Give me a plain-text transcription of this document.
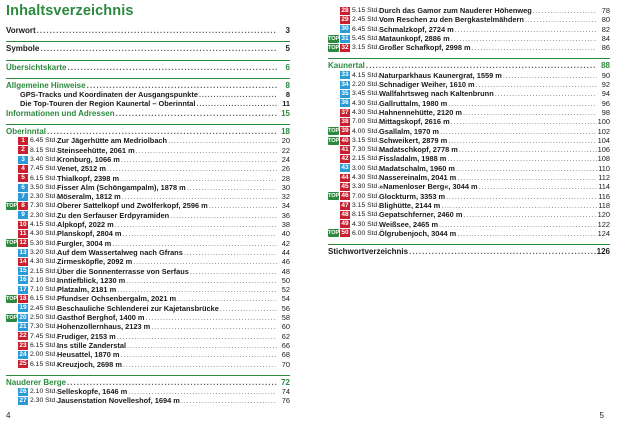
Inhaltsverzeichnis
Vorwort . . .	3
Symbole . . .	5
Übersichtskarte . . .	6
Allgemeine Hinweise . . .	8
GPS-Tracks und Koordinaten der Ausgangspunkte . . .	8
Die Top-Touren der Region Kaunertal – Oberinntal . . .	11
Informationen und Adressen . . .	15
Oberinntal . . .	18
1 6.45 Std. Zur Jägerhütte am Medriolbach . . .	20
2 8.15 Std. Steinseehütte, 2061 m . . .	22
3 3.40 Std. Kronburg, 1066 m . . .	24
4 7.45 Std. Venet, 2512 m . . .	26
5 6.15 Std. Thialkopf, 2398 m . . .	28
6 3.50 Std. Fisser Alm (Schöngampalm), 1878 m . . .	30
7 2.30 Std. Möseralm, 1812 m . . .	32
TOP 8 7.30 Std. Oberer Sattelkopf und Zwölferkopf, 2596 m . . .	34
9 2.30 Std. Zu den Serfauser Erdpyramiden . . .	36
10 4.15 Std. Alpkopf, 2022 m . . .	38
11 4.30 Std. Planskopf, 2804 m . . .	40
TOP 12 5.30 Std. Furgler, 3004 m . . .	42
13 3.20 Std. Auf dem Wassertalweg nach Gfrans . . .	44
14 4.30 Std. Zirmesköpfle, 2092 m . . .	46
15 2.15 Std. Über die Sonnenterrasse von Serfaus . . .	48
16 2.10 Std. Inntiefblick, 1230 m . . .	50
17 7.10 Std. Platzalm, 2181 m . . .	52
TOP 18 6.15 Std. Pfundser Ochsenbergalm, 2021 m . . .	54
19 2.45 Std. Beschauliche Schlenderei zur Kajetansbrücke . . .	56
TOP 20 2.50 Std. Gasthof Berghof, 1400 m . . .	58
21 7.30 Std. Hohenzollernhaus, 2123 m . . .	60
22 7.45 Std. Frudiger, 2153 m . . .	62
23 6.15 Std. Ins stille Zanderstal . . .	66
24 2.00 Std. Heusattel, 1870 m . . .	68
25 6.15 Std. Kreuzjoch, 2698 m . . .	70
Nauderer Berge . . .	72
26 2.10 Std. Selleskopfe, 1646 m . . .	74
27 2.30 Std. Jausenstation Novelleshof, 1694 m . . .	76
4
28 5.15 Std. Durch das Gamor zum Nauderer Höhenweg . . .	78
29 2.45 Std. Vom Reschen zu den Bergkastelmähdern . . .	80
30 6.45 Std. Schmalzkopf, 2724 m . . .	82
TOP 31 5.45 Std. Mataunkopf, 2886 m . . .	84
TOP 32 3.15 Std. Großer Schafkopf, 2998 m . . .	86
Kaunertal . . .	88
33 4.15 Std. Naturparkhaus Kaunergrat, 1559 m . . .	90
34 2.20 Std. Schnadiger Weiher, 1610 m . . .	92
35 3.45 Std. Wallfahrtsweg nach Kaltenbrunn . . .	94
36 4.30 Std. Gallruttalm, 1980 m . . .	96
37 4.30 Std. Hahnennehütte, 2120 m . . .	98
38 7.00 Std. Mittagskopf, 2616 m . . .	100
TOP 39 4.00 Std. Gsallalm, 1970 m . . .	102
TOP 40 3.15 Std. Schweikert, 2879 m . . .	104
41 7.30 Std. Madatschkopf, 2778 m . . .	106
42 2.15 Std. Fissladalm, 1988 m . . .	108
43 3.00 Std. Madatschalm, 1960 m . . .	110
44 4.30 Std. Nassereinalm, 2041 m . . .	112
45 3.30 Std. »Namenloser Berg«, 3044 m . . .	114
TOP 46 7.00 Std. Glockturm, 3353 m . . .	116
47 3.15 Std. Blighütte, 2144 m . . .	118
48 8.15 Std. Gepatschferner, 2460 m . . .	120
49 4.30 Std. Weißsee, 2465 m . . .	122
TOP 50 6.00 Std. Ölgrubenjoch, 3044 m . . .	124
Stichwortverzeichnis . . .	126
5
